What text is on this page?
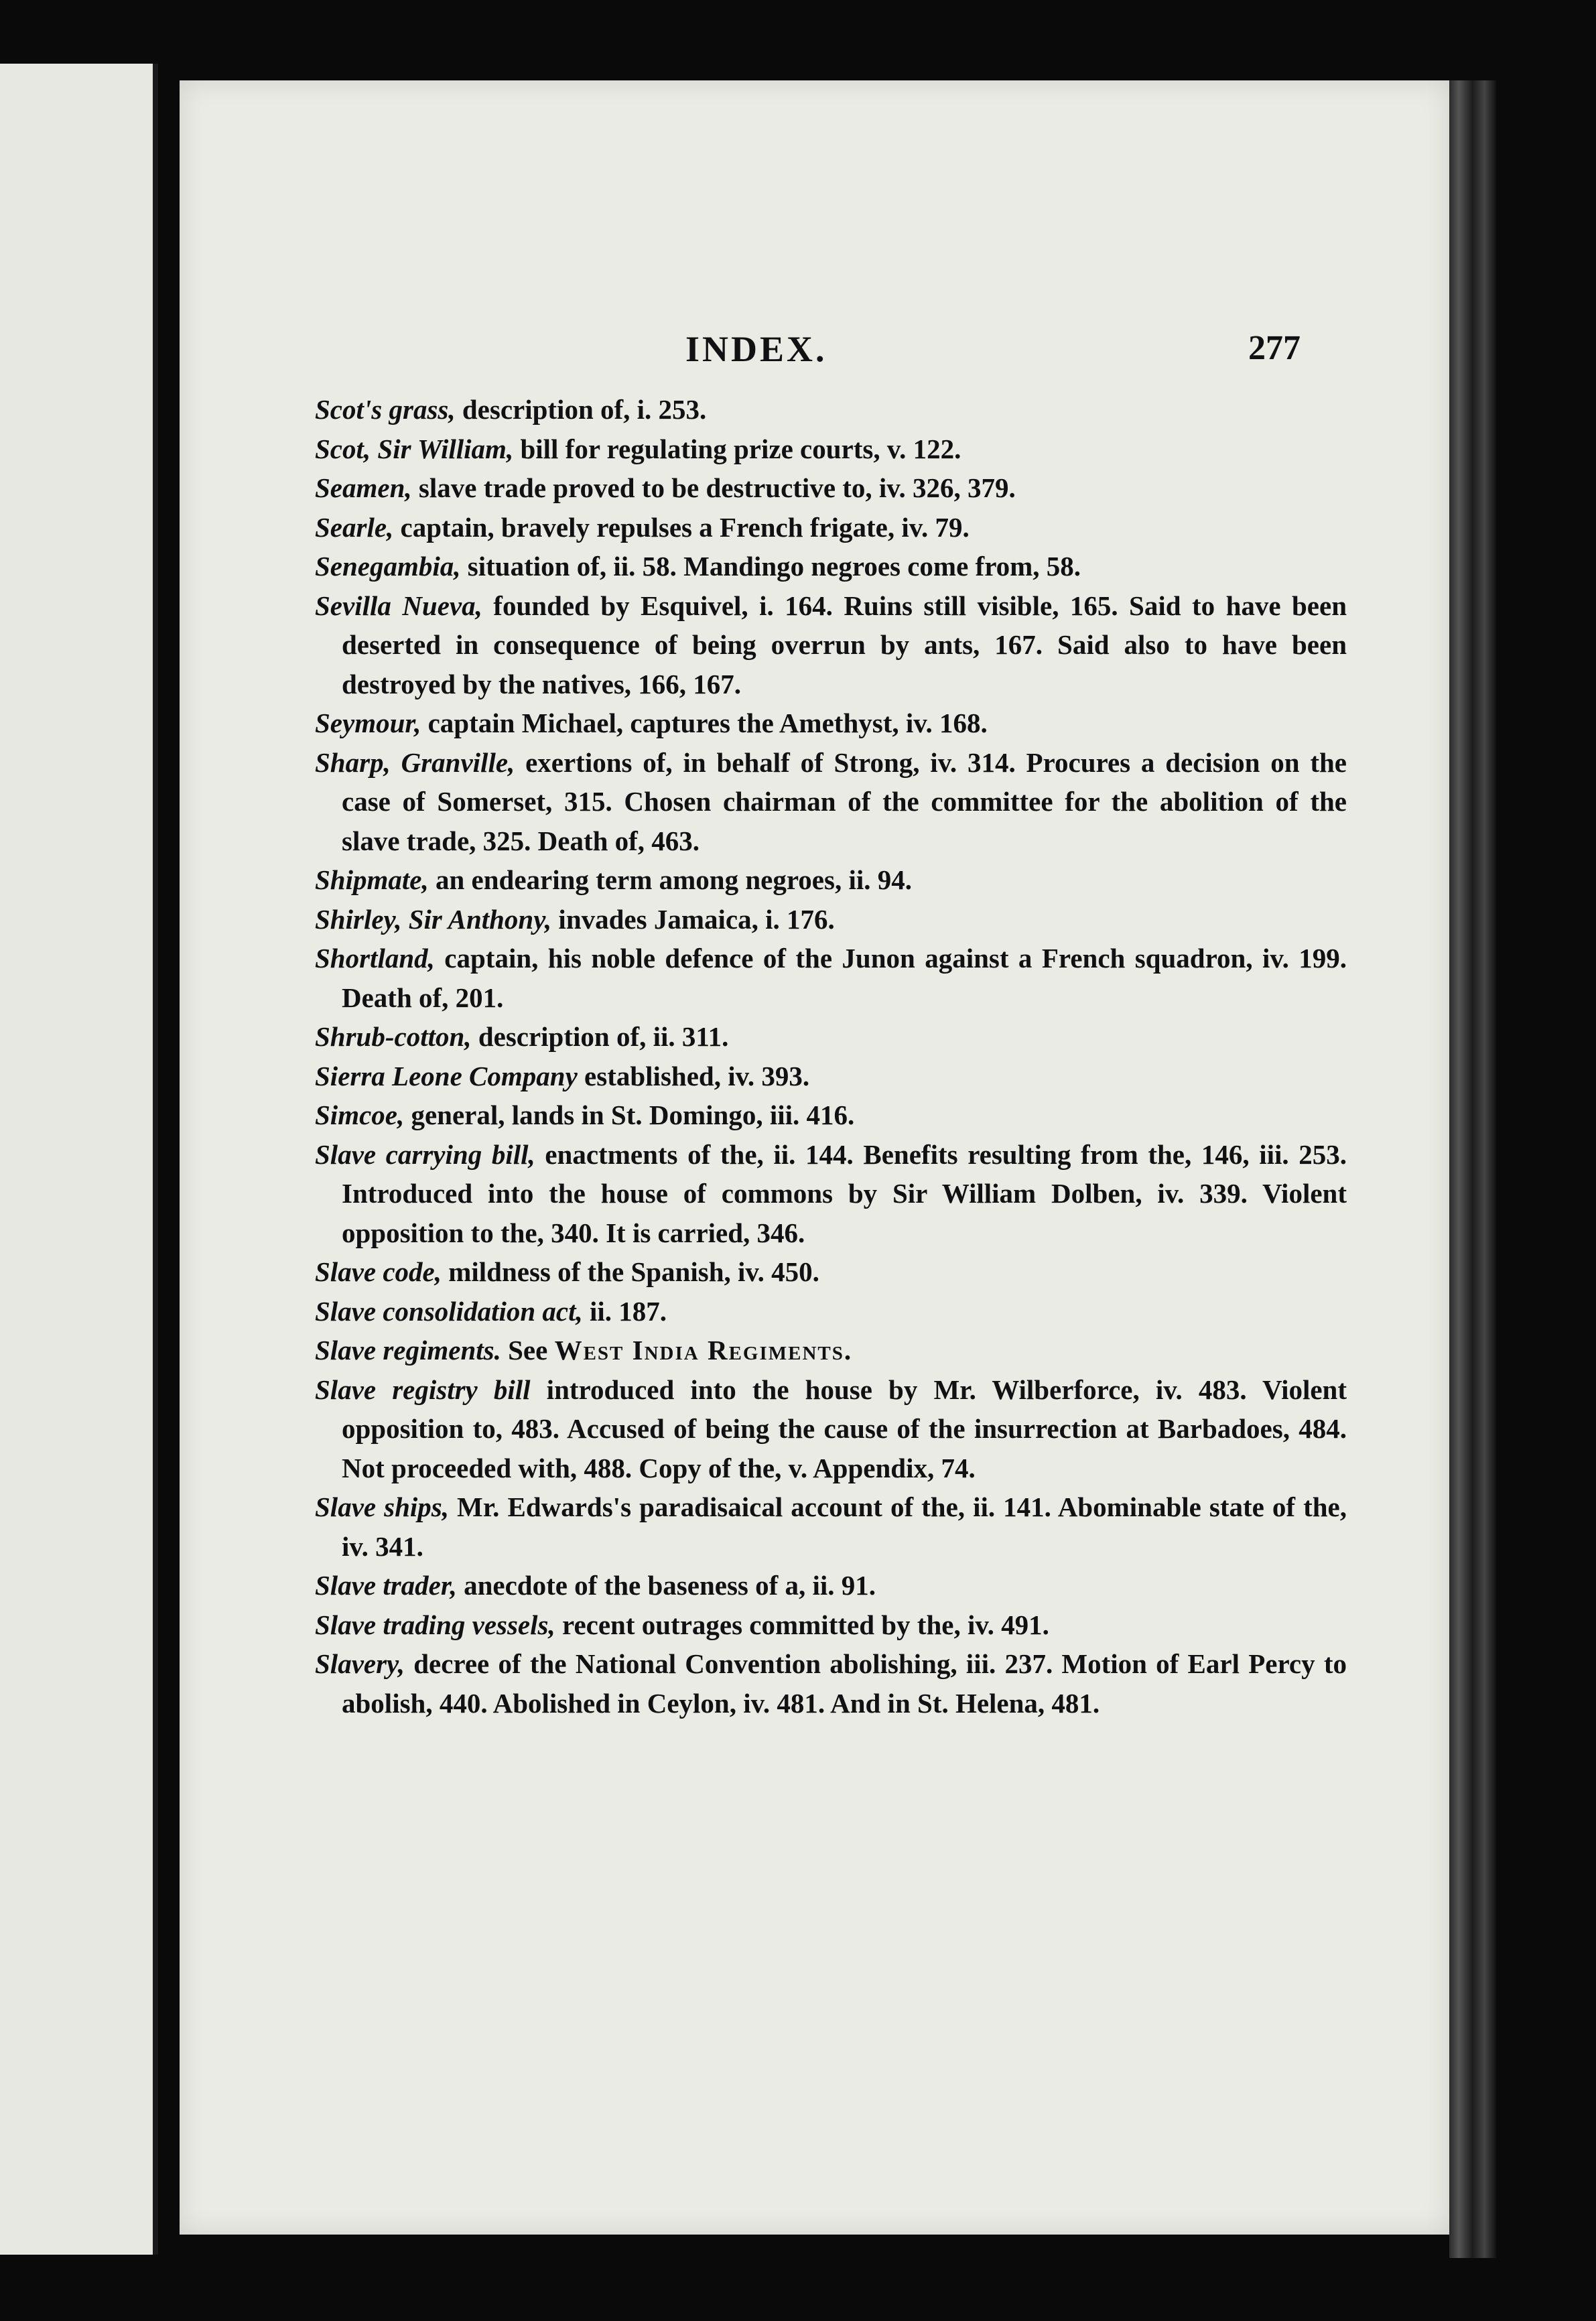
INDEX.	277
Scot's grass, description of, i. 253.
Scot, Sir William, bill for regulating prize courts, v. 122.
Seamen, slave trade proved to be destructive to, iv. 326, 379.
Searle, captain, bravely repulses a French frigate, iv. 79.
Senegambia, situation of, ii. 58. Mandingo negroes come from, 58.
Sevilla Nueva, founded by Esquivel, i. 164. Ruins still visible, 165. Said to have been deserted in consequence of being overrun by ants, 167. Said also to have been destroyed by the natives, 166, 167.
Seymour, captain Michael, captures the Amethyst, iv. 168.
Sharp, Granville, exertions of, in behalf of Strong, iv. 314. Procures a decision on the case of Somerset, 315. Chosen chairman of the committee for the abolition of the slave trade, 325. Death of, 463.
Shipmate, an endearing term among negroes, ii. 94.
Shirley, Sir Anthony, invades Jamaica, i. 176.
Shortland, captain, his noble defence of the Junon against a French squadron, iv. 199. Death of, 201.
Shrub-cotton, description of, ii. 311.
Sierra Leone Company established, iv. 393.
Simcoe, general, lands in St. Domingo, iii. 416.
Slave carrying bill, enactments of the, ii. 144. Benefits resulting from the, 146, iii. 253. Introduced into the house of commons by Sir William Dolben, iv. 339. Violent opposition to the, 340. It is carried, 346.
Slave code, mildness of the Spanish, iv. 450.
Slave consolidation act, ii. 187.
Slave regiments. See West India Regiments.
Slave registry bill introduced into the house by Mr. Wilberforce, iv. 483. Violent opposition to, 483. Accused of being the cause of the insurrection at Barbadoes, 484. Not proceeded with, 488. Copy of the, v. Appendix, 74.
Slave ships, Mr. Edwards's paradisaical account of the, ii. 141. Abominable state of the, iv. 341.
Slave trader, anecdote of the baseness of a, ii. 91.
Slave trading vessels, recent outrages committed by the, iv. 491.
Slavery, decree of the National Convention abolishing, iii. 237. Motion of Earl Percy to abolish, 440. Abolished in Ceylon, iv. 481. And in St. Helena, 481.
